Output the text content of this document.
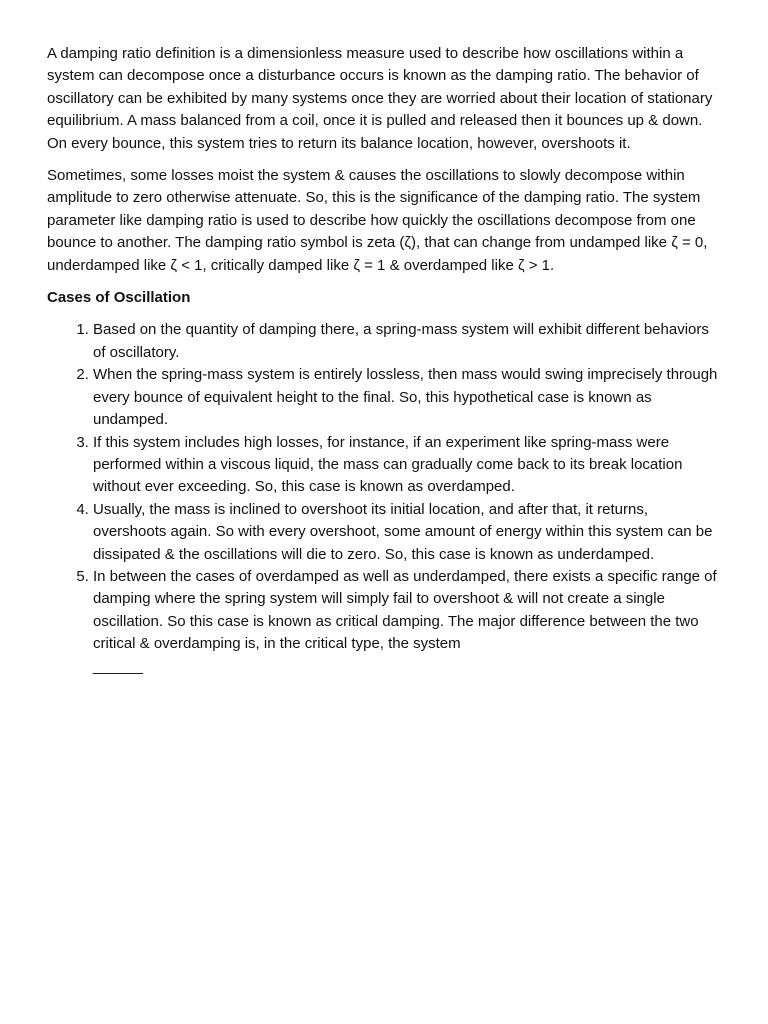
A damping ratio definition is a dimensionless measure used to describe how oscillations within a system can decompose once a disturbance occurs is known as the damping ratio. The behavior of oscillatory can be exhibited by many systems once they are worried about their location of stationary equilibrium. A mass balanced from a coil, once it is pulled and released then it bounces up & down. On every bounce, this system tries to return its balance location, however, overshoots it.

Sometimes, some losses moist the system & causes the oscillations to slowly decompose within amplitude to zero otherwise attenuate. So, this is the significance of the damping ratio. The system parameter like damping ratio is used to describe how quickly the oscillations decompose from one bounce to another. The damping ratio symbol is zeta (ζ), that can change from undamped like ζ = 0, underdamped like ζ < 1, critically damped like ζ = 1 & overdamped like ζ > 1.

Cases of Oscillation
1. Based on the quantity of damping there, a spring-mass system will exhibit different behaviors of oscillatory.
2. When the spring-mass system is entirely lossless, then mass would swing imprecisely through every bounce of equivalent height to the final. So, this hypothetical case is known as undamped.
3. If this system includes high losses, for instance, if an experiment like spring-mass were performed within a viscous liquid, the mass can gradually come back to its break location without ever exceeding. So, this case is known as overdamped.
4. Usually, the mass is inclined to overshoot its initial location, and after that, it returns, overshoots again. So with every overshoot, some amount of energy within this system can be dissipated & the oscillations will die to zero. So, this case is known as underdamped.
5. In between the cases of overdamped as well as underdamped, there exists a specific range of damping where the spring system will simply fail to overshoot & will not create a single oscillation. So this case is known as critical damping. The major difference between the two critical & overdamping is, in the critical type, the system
______
